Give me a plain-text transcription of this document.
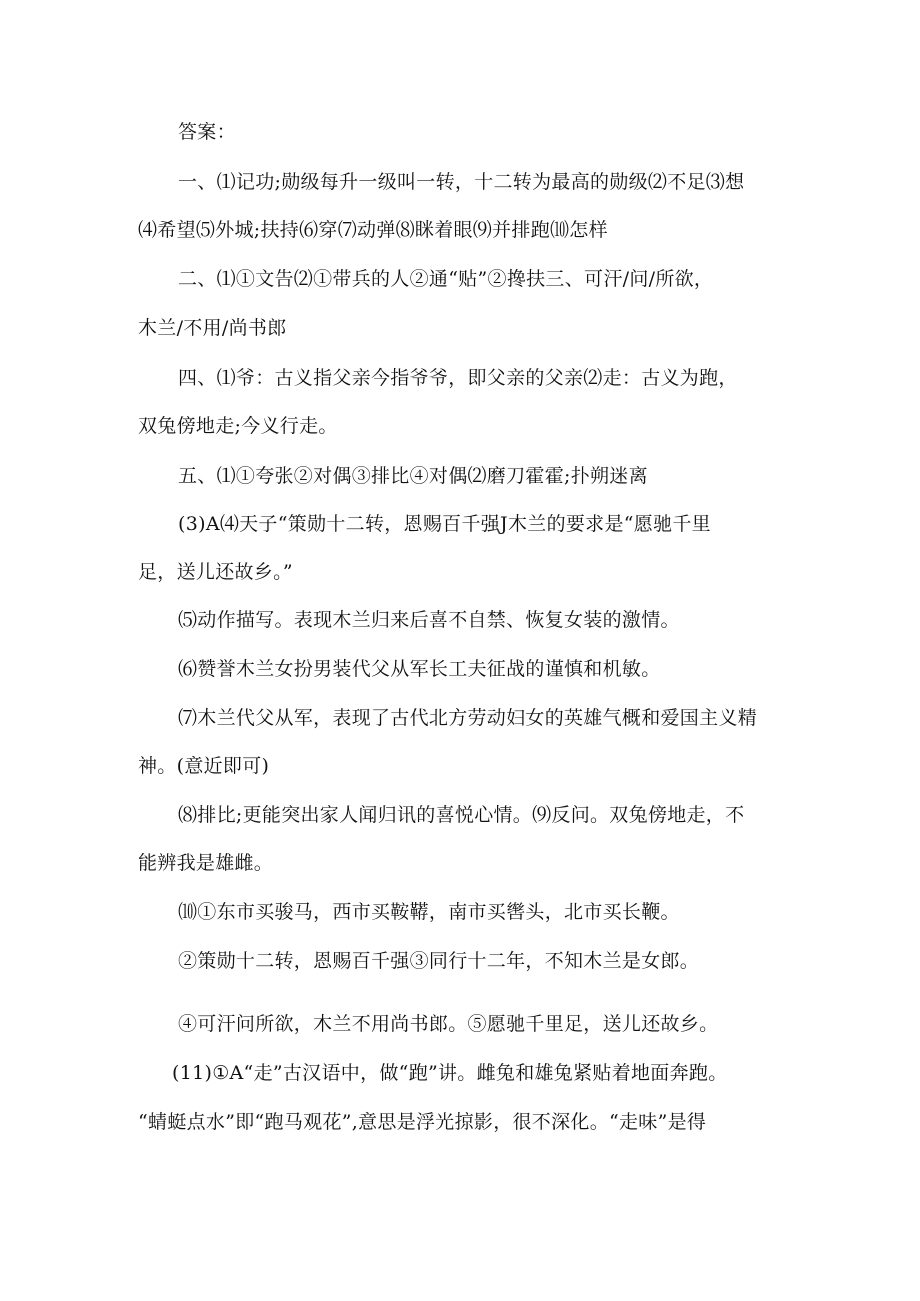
答案：
一、⑴记功;勋级每升一级叫一转，十二转为最高的勋级⑵不足⑶想
⑷希望⑸外城;扶持⑹穿⑺动弹⑻眯着眼⑼并排跑⑽怎样
二、⑴①文告⑵①带兵的人②通“贴”②搀扶三、可汗/问/所欲，
木兰/不用/尚书郎
四、⑴爷：古义指父亲今指爷爷，即父亲的父亲⑵走：古义为跑，
双兔傍地走;今义行走。
五、⑴①夸张②对偶③排比④对偶⑵磨刀霍霍;扑朔迷离
(3)A⑷天子“策勋十二转，恩赐百千强J木兰的要求是“愿驰千里
足，送儿还故乡。”
⑸动作描写。表现木兰归来后喜不自禁、恢复女装的激情。
⑹赞誉木兰女扮男装代父从军长工夫征战的谨慎和机敏。
⑺木兰代父从军，表现了古代北方劳动妇女的英雄气概和爱国主义精
神。(意近即可)
⑻排比;更能突出家人闻归讯的喜悦心情。⑼反问。双兔傍地走，不
能辨我是雄雌。
⑽①东市买骏马，西市买鞍鞯，南市买辔头，北市买长鞭。
②策勋十二转，恩赐百千强③同行十二年，不知木兰是女郎。
④可汗问所欲，木兰不用尚书郎。⑤愿驰千里足，送儿还故乡。
(11)①A“走”古汉语中，做“跑”讲。雌兔和雄兔紧贴着地面奔跑。
“蜻蜓点水”即“跑马观花”,意思是浮光掠影，很不深化。“走味”是得
